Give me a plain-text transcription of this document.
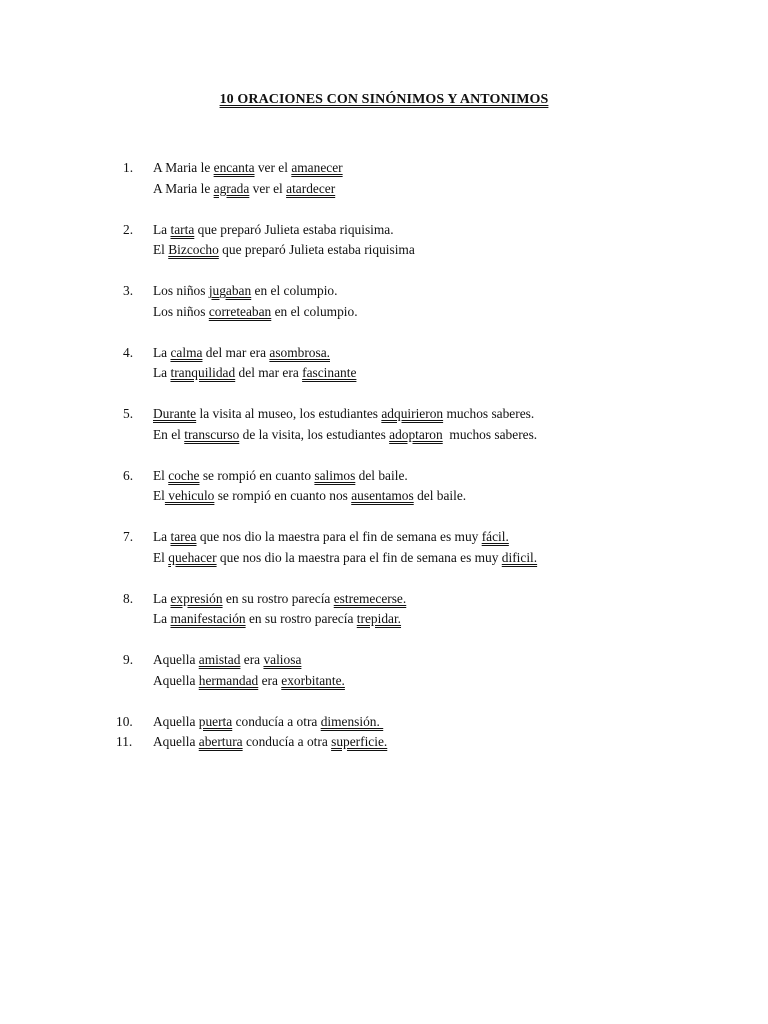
10 ORACIONES CON SINÓNIMOS Y ANTONIMOS
1.	A Maria le encanta ver el amanecer
A Maria le agrada ver el atardecer
2.	La tarta que preparó Julieta estaba riquisima.
El Bizcocho que preparó Julieta estaba riquisima
3.	Los niños jugaban en el columpio.
Los niños correteaban en el columpio.
4.	La calma del mar era asombrosa.
La tranquilidad del mar era fascinante
5.	Durante la visita al museo, los estudiantes adquirieron muchos saberes.
En el transcurso de la visita, los estudiantes adoptaron  muchos saberes.
6.	El coche se rompió en cuanto salimos del baile.
El vehiculo se rompió en cuanto nos ausentamos del baile.
7.	La tarea que nos dio la maestra para el fin de semana es muy fácil.
El quehacer que nos dio la maestra para el fin de semana es muy dificil.
8.	La expresión en su rostro parecía estremecerse.
La manifestación en su rostro parecía trepidar.
9.	Aquella amistad era valiosa
Aquella hermandad era exorbitante.
10.	Aquella puerta conducía a otra dimensión.
11.	Aquella abertura conducía a otra superficie.
